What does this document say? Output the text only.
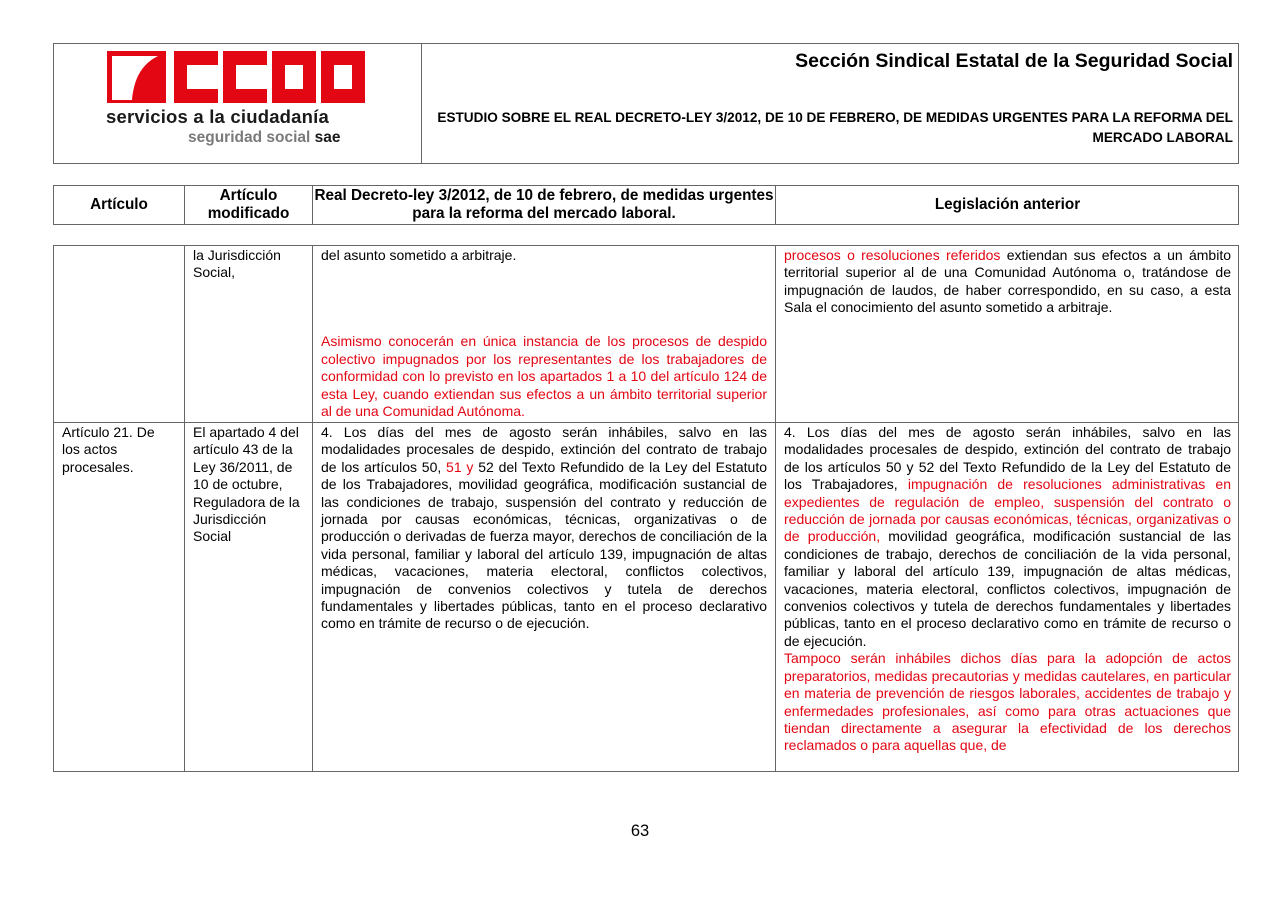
servicios a la ciudadanía
seguridad social sae
Sección Sindical Estatal de la Seguridad Social
ESTUDIO SOBRE EL REAL DECRETO-LEY 3/2012, DE 10 DE FEBRERO, DE MEDIDAS URGENTES PARA LA REFORMA DEL MERCADO LABORAL
Artículo
Artículo modificado
Real Decreto-ley 3/2012, de 10 de febrero, de medidas urgentes para la reforma del mercado laboral.
Legislación anterior
la Jurisdicción Social,
del asunto sometido a arbitraje.
Asimismo conocerán en única instancia de los procesos de despido colectivo impugnados por los representantes de los trabajadores de conformidad con lo previsto en los apartados 1 a 10 del artículo 124 de esta Ley, cuando extiendan sus efectos a un ámbito territorial superior al de una Comunidad Autónoma.
procesos o resoluciones referidos extiendan sus efectos a un ámbito territorial superior al de una Comunidad Autónoma o, tratándose de impugnación de laudos, de haber correspondido, en su caso, a esta Sala el conocimiento del asunto sometido a arbitraje.
Artículo 21. De los actos procesales.
El apartado 4 del artículo 43 de la Ley 36/2011, de 10 de octubre, Reguladora de la Jurisdicción Social
4. Los días del mes de agosto serán inhábiles, salvo en las modalidades procesales de despido, extinción del contrato de trabajo de los artículos 50, 51 y 52 del Texto Refundido de la Ley del Estatuto de los Trabajadores, movilidad geográfica, modificación sustancial de las condiciones de trabajo, suspensión del contrato y reducción de jornada por causas económicas, técnicas, organizativas o de producción o derivadas de fuerza mayor, derechos de conciliación de la vida personal, familiar y laboral del artículo 139, impugnación de altas médicas, vacaciones, materia electoral, conflictos colectivos, impugnación de convenios colectivos y tutela de derechos fundamentales y libertades públicas, tanto en el proceso declarativo como en trámite de recurso o de ejecución.
4. Los días del mes de agosto serán inhábiles, salvo en las modalidades procesales de despido, extinción del contrato de trabajo de los artículos 50 y 52 del Texto Refundido de la Ley del Estatuto de los Trabajadores, impugnación de resoluciones administrativas en expedientes de regulación de empleo, suspensión del contrato o reducción de jornada por causas económicas, técnicas, organizativas o de producción, movilidad geográfica, modificación sustancial de las condiciones de trabajo, derechos de conciliación de la vida personal, familiar y laboral del artículo 139, impugnación de altas médicas, vacaciones, materia electoral, conflictos colectivos, impugnación de convenios colectivos y tutela de derechos fundamentales y libertades públicas, tanto en el proceso declarativo como en trámite de recurso o de ejecución.
Tampoco serán inhábiles dichos días para la adopción de actos preparatorios, medidas precautorias y medidas cautelares, en particular en materia de prevención de riesgos laborales, accidentes de trabajo y enfermedades profesionales, así como para otras actuaciones que tiendan directamente a asegurar la efectividad de los derechos reclamados o para aquellas que, de
63
